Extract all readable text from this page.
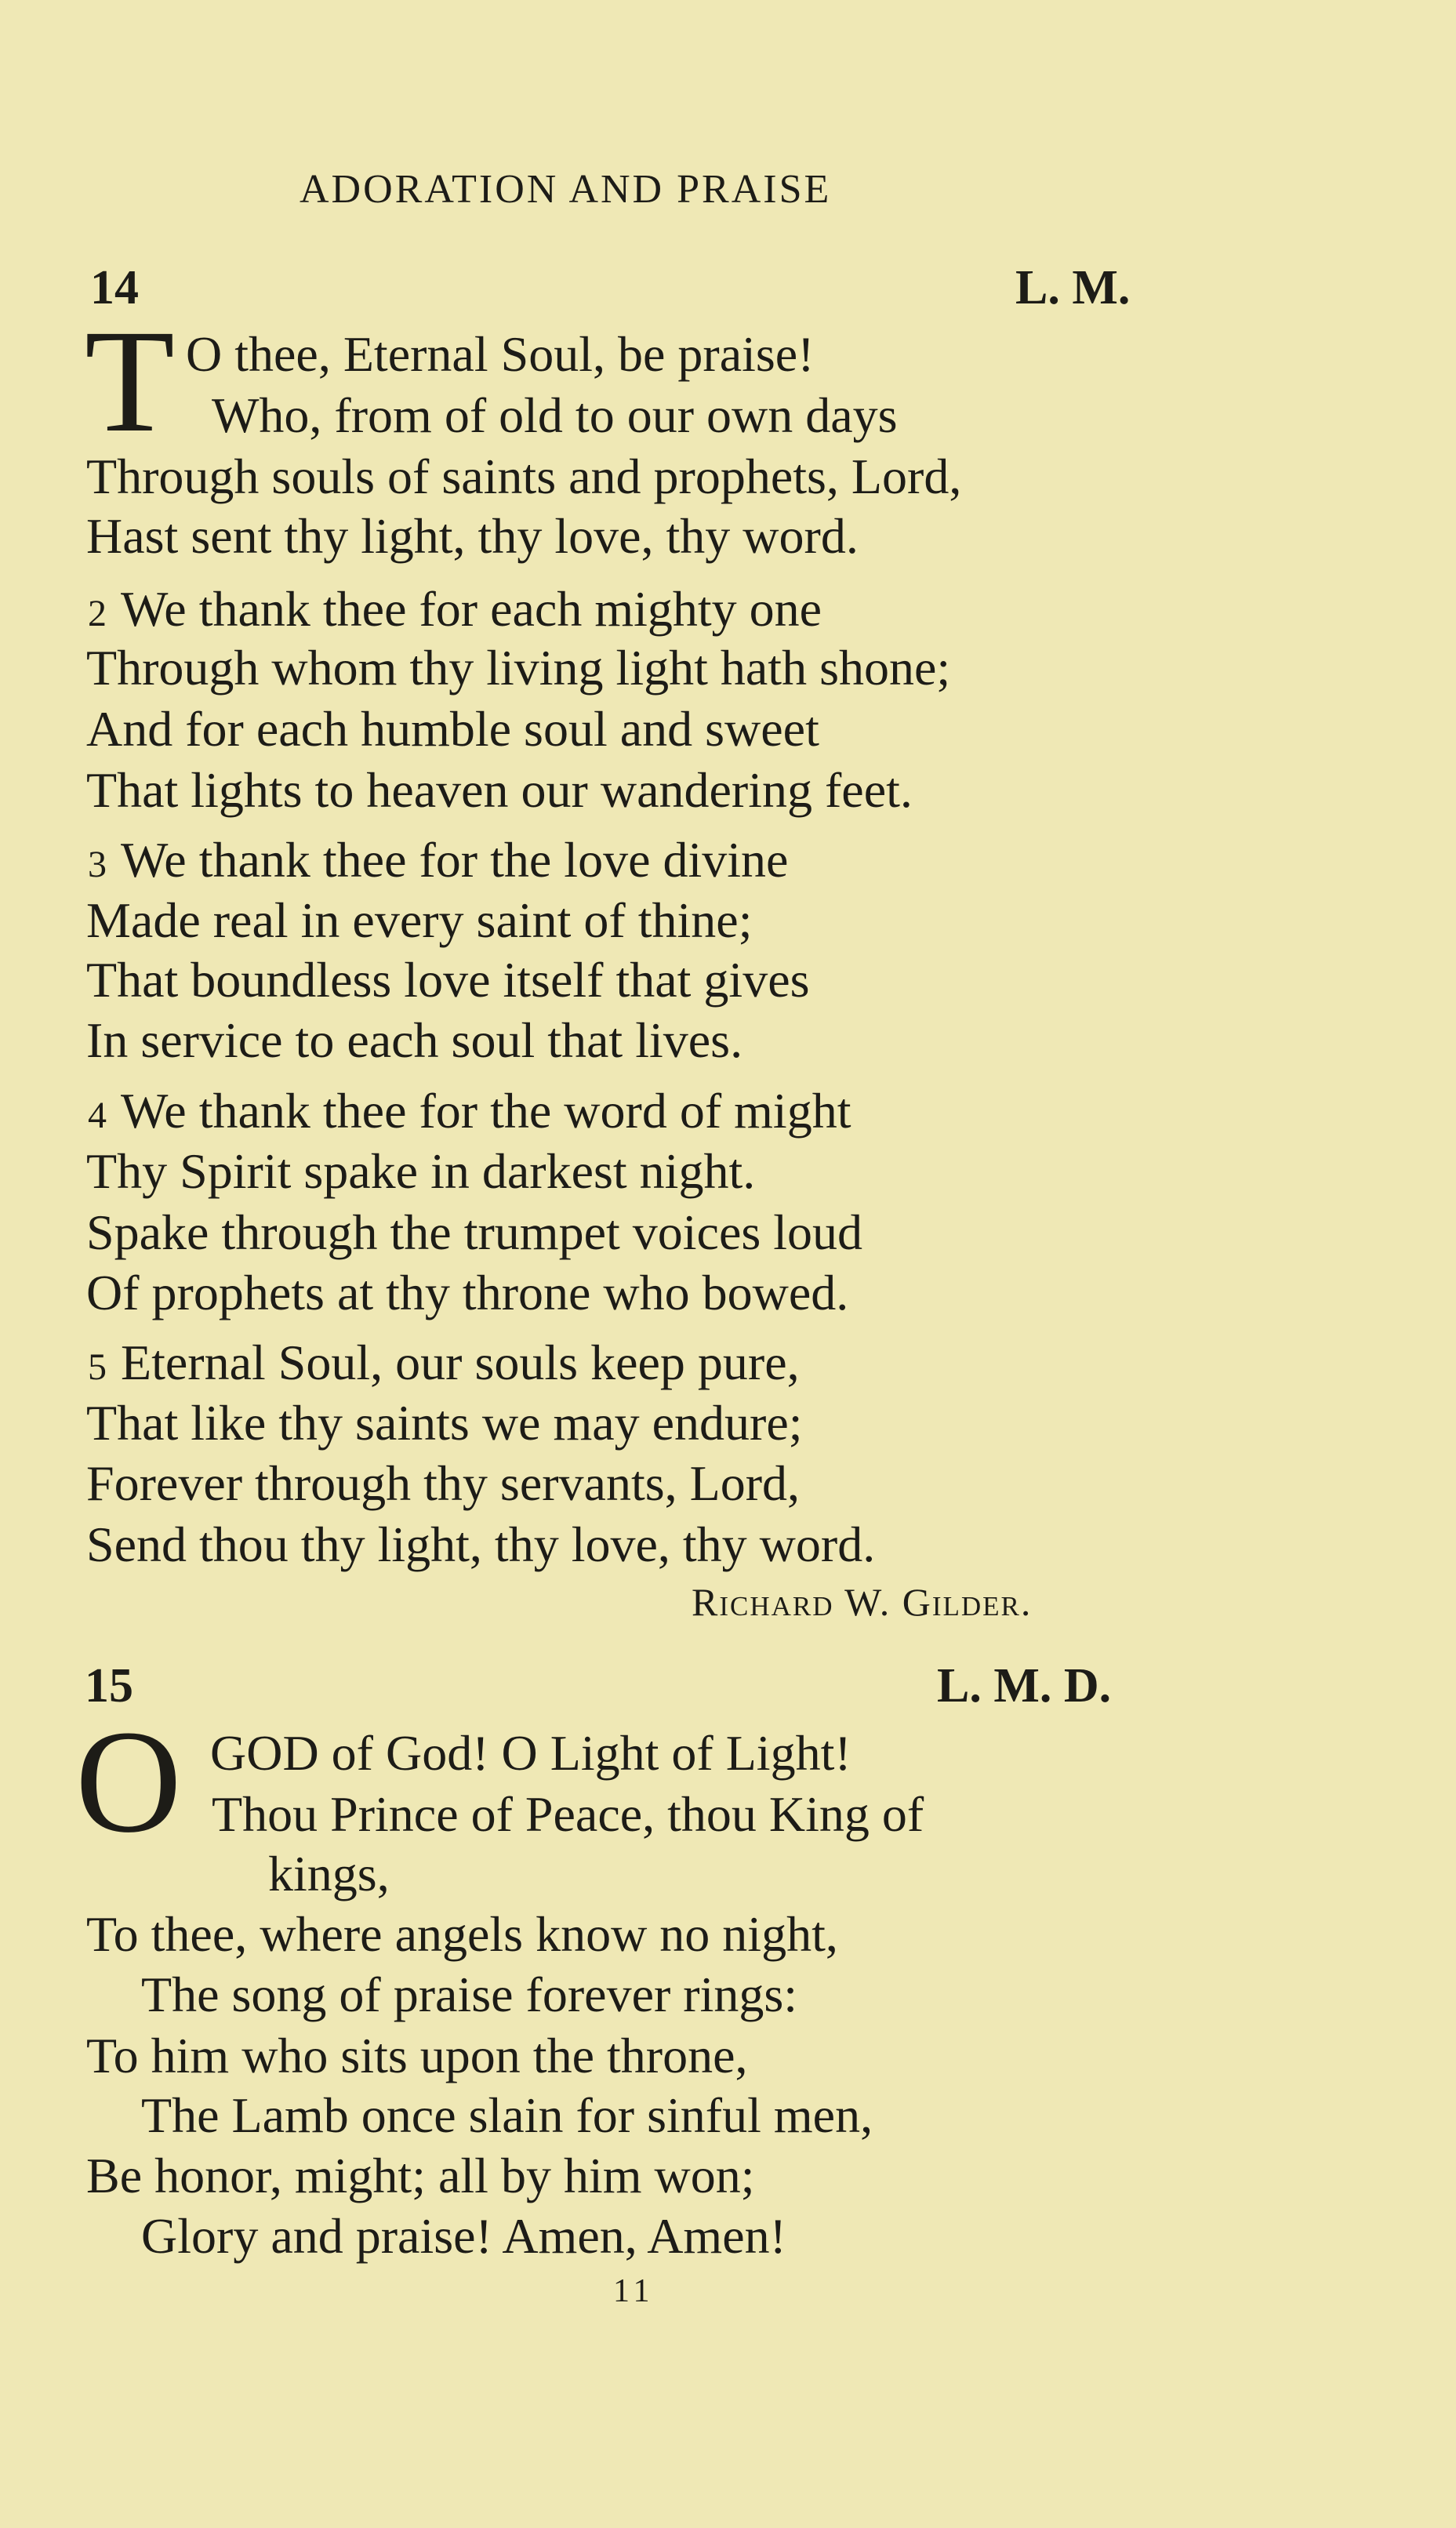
ADORATION AND PRAISE
14	L. M.
T O thee, Eternal Soul, be praise!
Who, from of old to our own days
Through souls of saints and prophets, Lord,
Hast sent thy light, thy love, thy word.
2 We thank thee for each mighty one
Through whom thy living light hath shone;
And for each humble soul and sweet
That lights to heaven our wandering feet.
3 We thank thee for the love divine
Made real in every saint of thine;
That boundless love itself that gives
In service to each soul that lives.
4 We thank thee for the word of might
Thy Spirit spake in darkest night.
Spake through the trumpet voices loud
Of prophets at thy throne who bowed.
5 Eternal Soul, our souls keep pure,
That like thy saints we may endure;
Forever through thy servants, Lord,
Send thou thy light, thy love, thy word.
Richard W. Gilder.
15	L. M. D.
O GOD of God! O Light of Light!
Thou Prince of Peace, thou King of
kings,
To thee, where angels know no night,
The song of praise forever rings:
To him who sits upon the throne,
The Lamb once slain for sinful men,
Be honor, might; all by him won;
Glory and praise! Amen, Amen!
11
